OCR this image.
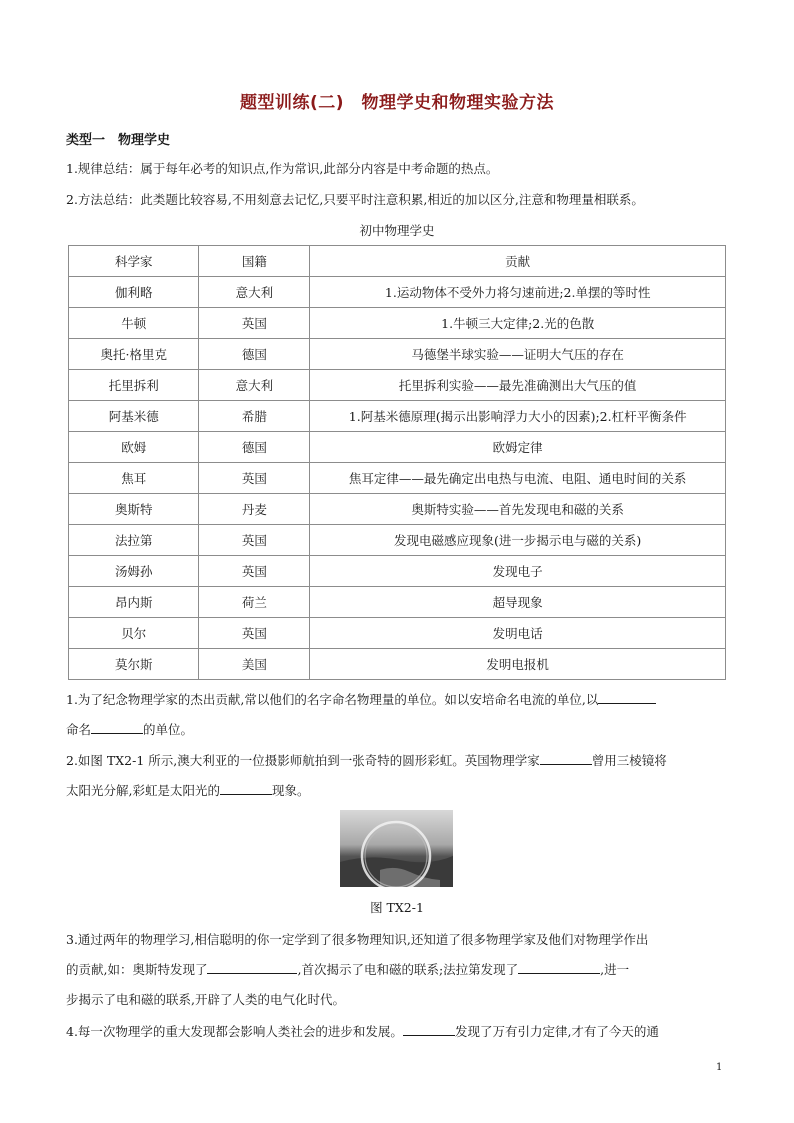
题型训练(二)　物理学史和物理实验方法
类型一　物理学史

1.规律总结：属于每年必考的知识点,作为常识,此部分内容是中考命题的热点。

2.方法总结：此类题比较容易,不用刻意去记忆,只要平时注意积累,相近的加以区分,注意和物理量相联系。

初中物理学史
科学家	国籍	贡献
伽利略	意大利	1.运动物体不受外力将匀速前进;2.单摆的等时性
牛顿	英国	1.牛顿三大定律;2.光的色散
奥托·格里克	德国	马德堡半球实验——证明大气压的存在
托里拆利	意大利	托里拆利实验——最先准确测出大气压的值
阿基米德	希腊	1.阿基米德原理(揭示出影响浮力大小的因素);2.杠杆平衡条件
欧姆	德国	欧姆定律
焦耳	英国	焦耳定律——最先确定出电热与电流、电阻、通电时间的关系
奥斯特	丹麦	奥斯特实验——首先发现电和磁的关系
法拉第	英国	发现电磁感应现象(进一步揭示电与磁的关系)
汤姆孙	英国	发现电子
昂内斯	荷兰	超导现象
贝尔	英国	发明电话
莫尔斯	美国	发明电报机
1.为了纪念物理学家的杰出贡献,常以他们的名字命名物理量的单位。如以安培命名电流的单位,以
命名	的单位。
2.如图 TX2-1 所示,澳大利亚的一位摄影师航拍到一张奇特的圆形彩虹。英国物理学家	曾用三棱镜将
太阳光分解,彩虹是太阳光的	现象。
图 TX2-1
3.通过两年的物理学习,相信聪明的你一定学到了很多物理知识,还知道了很多物理学家及他们对物理学作出
的贡献,如：奥斯特发现了	,首次揭示了电和磁的联系;法拉第发现了	,进一
步揭示了电和磁的联系,开辟了人类的电气化时代。
4.每一次物理学的重大发现都会影响人类社会的进步和发展。	发现了万有引力定律,才有了今天的通
1
